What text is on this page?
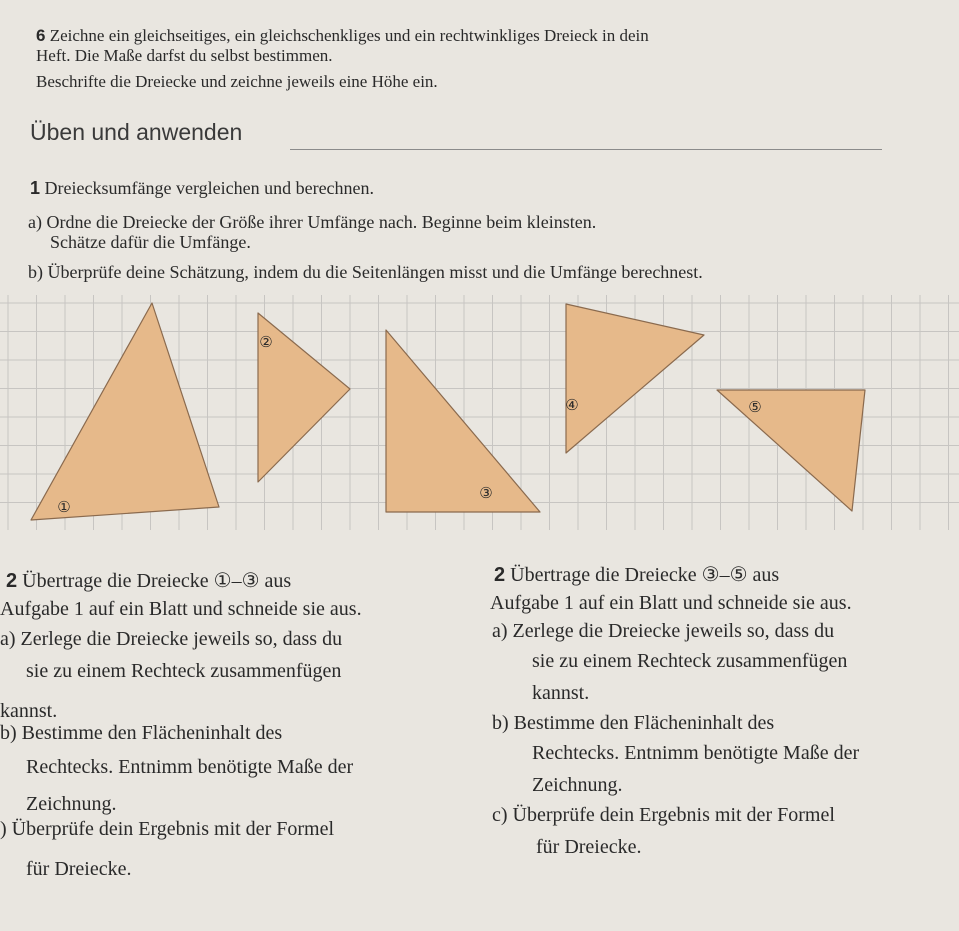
6 Zeichne ein gleichseitiges, ein gleichschenkliges und ein rechtwinkliges Dreieck in dein
Heft. Die Maße darfst du selbst bestimmen.
Beschrifte die Dreiecke und zeichne jeweils eine Höhe ein.
Üben und anwenden
1 Dreiecksumfänge vergleichen und berechnen.
a) Ordne die Dreiecke der Größe ihrer Umfänge nach. Beginne beim kleinsten.
Schätze dafür die Umfänge.
b) Überprüfe deine Schätzung, indem du die Seitenlängen misst und die Umfänge berechnest.
①
②
③
④	⑤
2 Übertrage die Dreiecke ①–③ aus
Aufgabe 1 auf ein Blatt und schneide sie aus.
a) Zerlege die Dreiecke jeweils so, dass du
sie zu einem Rechteck zusammenfügen
kannst.
b) Bestimme den Flächeninhalt des
Rechtecks. Entnimm benötigte Maße der
Zeichnung.
) Überprüfe dein Ergebnis mit der Formel
für Dreiecke.
2 Übertrage die Dreiecke ③–⑤ aus
Aufgabe 1 auf ein Blatt und schneide sie aus.
a) Zerlege die Dreiecke jeweils so, dass du
sie zu einem Rechteck zusammenfügen
kannst.
b) Bestimme den Flächeninhalt des
Rechtecks. Entnimm benötigte Maße der
Zeichnung.
c) Überprüfe dein Ergebnis mit der Formel
für Dreiecke.
